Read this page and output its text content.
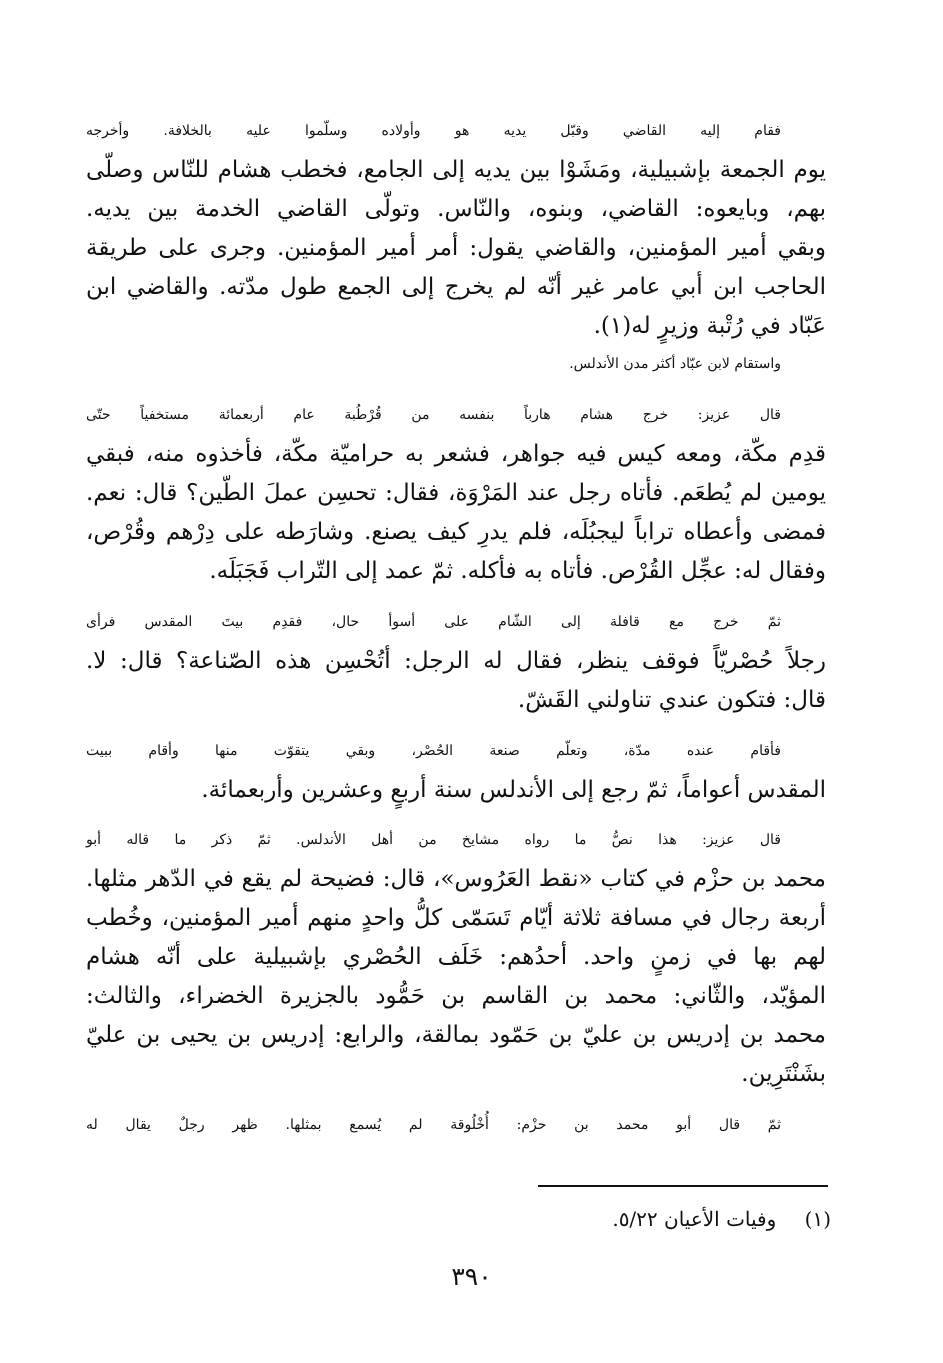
فقام إليه القاضي وقبّل يديه هو وأولاده وسلّموا عليه بالخلافة. وأخرجه
يوم الجمعة بإشبيلية، ومَشَوْا بين يديه إلى الجامع، فخطب هشام للنّاس وصلّى
بهم، وبايعوه: القاضي، وبنوه، والنّاس. وتولّى القاضي الخدمة بين يديه.
وبقي أمير المؤمنين، والقاضي يقول: أمر أمير المؤمنين. وجرى على طريقة
الحاجب ابن أبي عامر غير أنّه لم يخرج إلى الجمع طول مدّته. والقاضي ابن
عَبّاد في رُتْبة وزيرٍ له(١).
واستقام لابن عبّاد أكثر مدن الأندلس.
قال عزيز: خرج هشام هارباً بنفسه من قُرْطُبة عام أربعمائة مستخفياً حتّى
قدِم مكّة، ومعه كيس فيه جواهر، فشعر به حراميّة مكّة، فأخذوه منه، فبقي
يومين لم يُطعَم. فأتاه رجل عند المَرْوَة، فقال: تحسِن عملَ الطّين؟ قال: نعم.
فمضى وأعطاه تراباً ليجبُلَه، فلم يدرِ كيف يصنع. وشارَطه على دِرْهم وقُرْص،
وفقال له: عجِّل القُرْص. فأتاه به فأكله. ثمّ عمد إلى التّراب فَجَبَلَه.
ثمّ خرج مع قافلة إلى الشّام على أسوأ حال، فقدِم بيتَ المقدس فرأى
رجلاً حُصْريّاً فوقف ينظر، فقال له الرجل: أتُحْسِن هذه الصّناعة؟ قال: لا.
قال: فتكون عندي تناولني القَشّ.
فأقام عنده مدّة، وتعلّم صنعة الحُصْر، وبقي يتقوّت منها وأقام ببيت
المقدس أعواماً، ثمّ رجع إلى الأندلس سنة أربعٍ وعشرين وأربعمائة.
قال عزيز: هذا نصُّ ما رواه مشايخ من أهل الأندلس. ثمّ ذكر ما قاله أبو
محمد بن حزْم في كتاب «نقط العَرُوس»، قال: فضيحة لم يقع في الدّهر مثلها.
أربعة رجال في مسافة ثلاثة أيّام تَسَمّى كلُّ واحدٍ منهم أمير المؤمنين، وخُطب
لهم بها في زمنٍ واحد. أحدُهم: خَلَف الحُصْري بإشبيلية على أنّه هشام
المؤيّد، والثّاني: محمد بن القاسم بن حَمُّود بالجزيرة الخضراء، والثالث:
محمد بن إدريس بن عليّ بن حَمّود بمالقة، والرابع: إدريس بن يحيى بن عليّ
بشَنْتَرِين.
ثمّ قال أبو محمد بن حزْم: أُخْلُوقة لم يُسمع بمثلها. ظهر رجلٌ يقال له
(١) وفيات الأعيان ٥/٢٢.
٣٩٠
